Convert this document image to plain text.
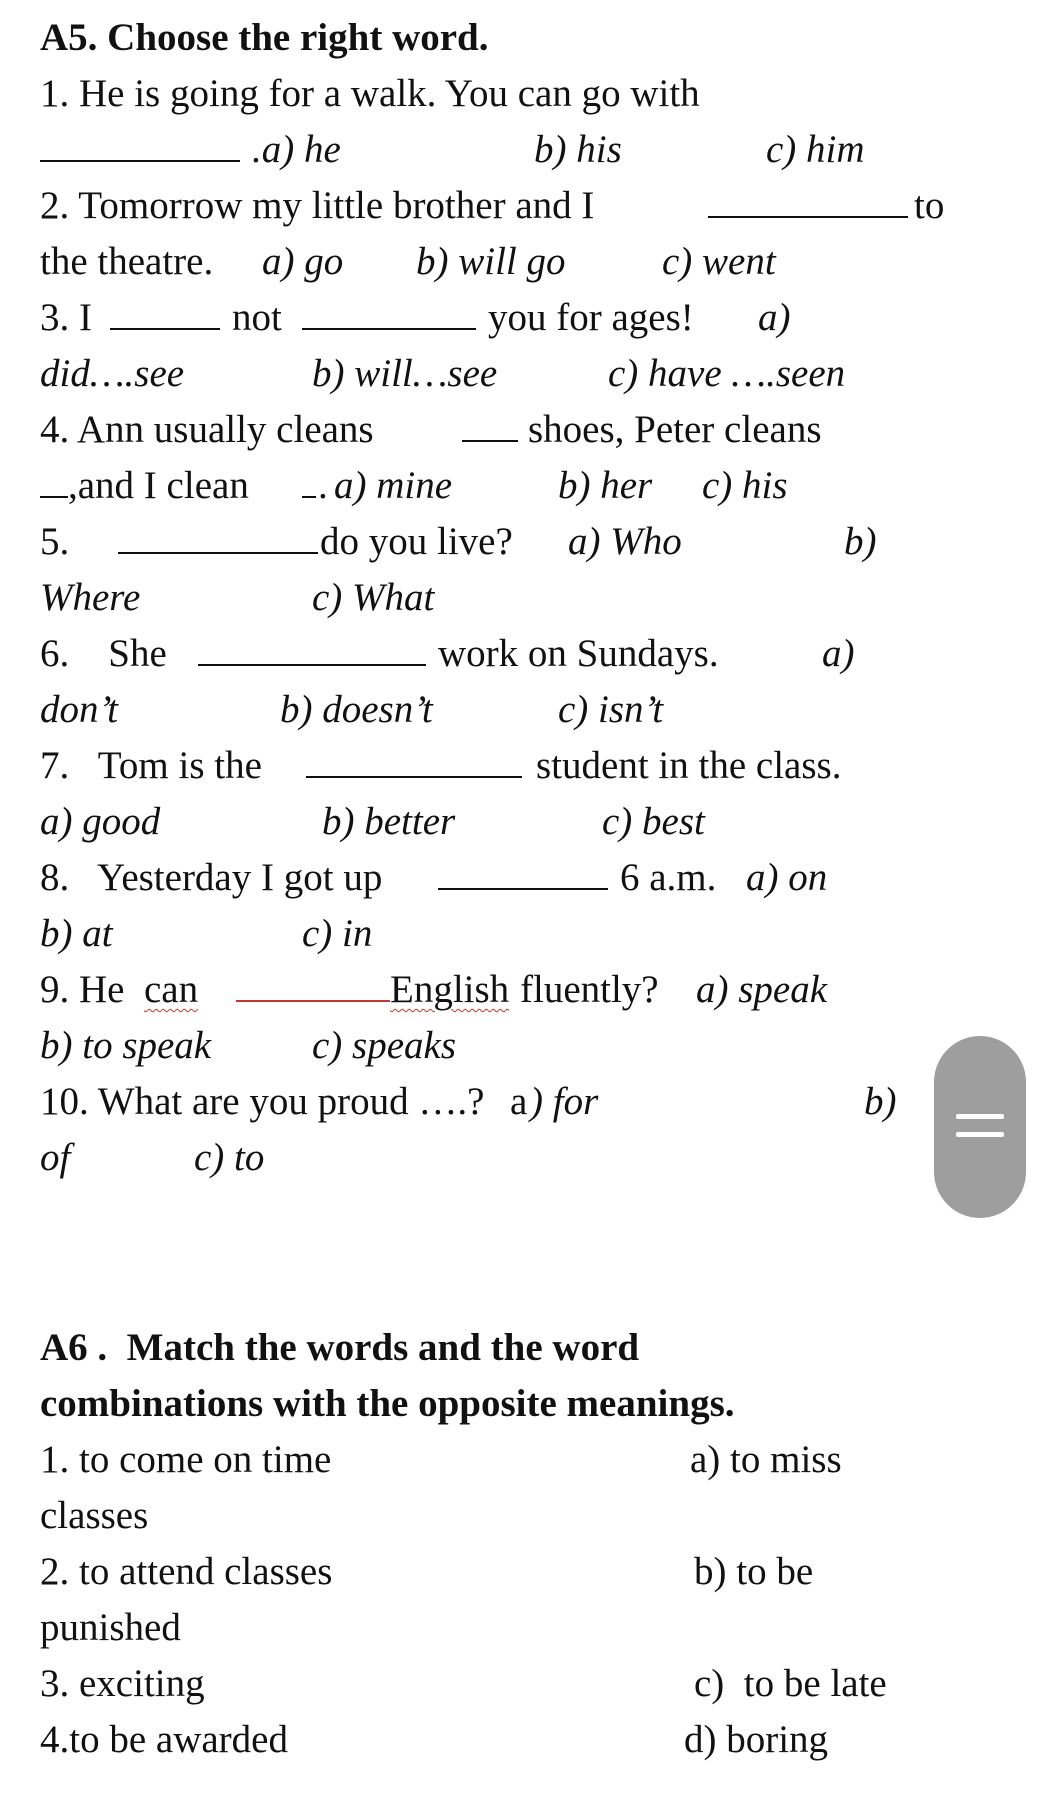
A5. Choose the right word.
1. He is going for a walk. You can go with
.a) he	b) his	c) him
2. Tomorrow my little brother and I	to
the theatre. a) go b) will go c) went
3. I	not	you for ages! a)
did….see	b) will…see	c) have ….seen
4. Ann usually cleans	shoes, Peter cleans
,and I clean . a) mine	b) her c) his
5.	do you live? a) Who	b)
Where	c) What
6.    She	work on Sundays.	a)
don’t	b) doesn’t	c) isn’t
7.   Tom is the	student in the class.
a) good	b) better	c) best
8.   Yesterday I got up	6 a.m. a) on
b) at	c) in
9. He can	English fluently? a) speak
b) to speak	c) speaks
10. What are you proud ….? a ) for	b)
of	c) to
A6 .  Match the words and the word
combinations with the opposite meanings.
1. to come on time	a) to miss
classes
2. to attend classes	b) to be
punished
3. exciting	c)  to be late
4.to be awarded	d) boring
